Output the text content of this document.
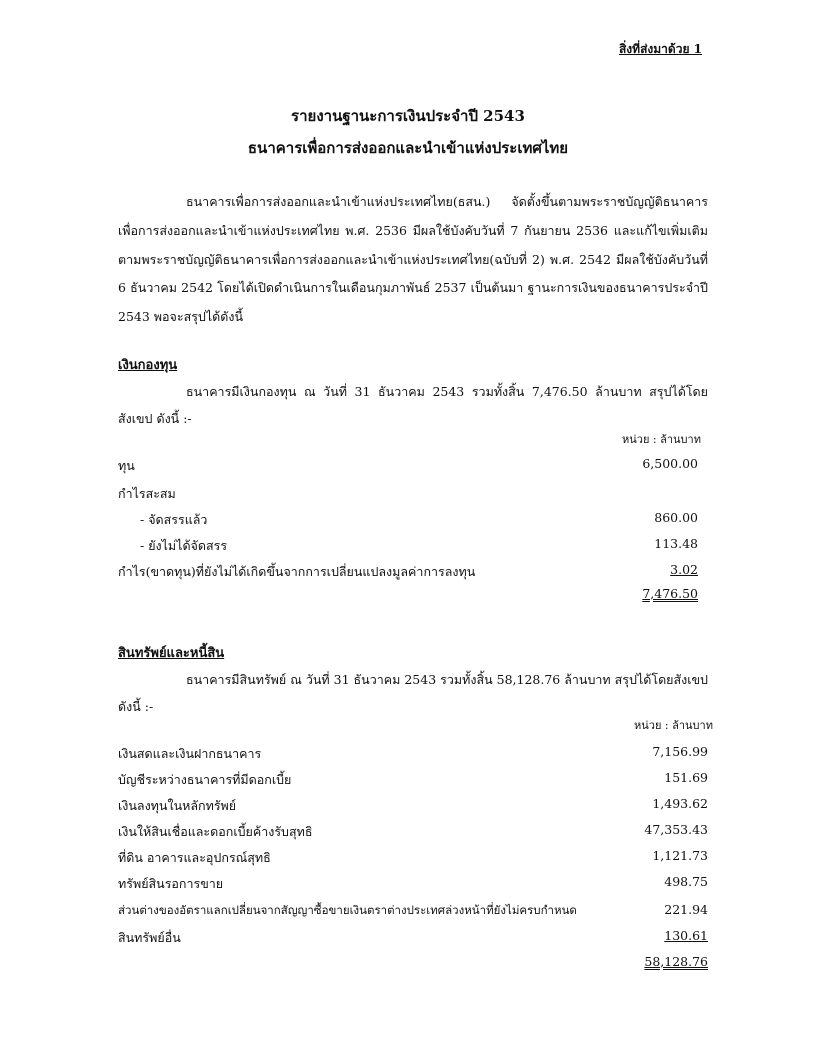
สิ่งที่ส่งมาด้วย 1
รายงานฐานะการเงินประจำปี 2543
ธนาคารเพื่อการส่งออกและนำเข้าแห่งประเทศไทย
ธนาคารเพื่อการส่งออกและนำเข้าแห่งประเทศไทย(ธสน.) จัดตั้งขึ้นตามพระราชบัญญัติธนาคารเพื่อการส่งออกและนำเข้าแห่งประเทศไทย พ.ศ. 2536 มีผลใช้บังคับวันที่ 7 กันยายน 2536 และแก้ไขเพิ่มเติม ตามพระราชบัญญัติธนาคารเพื่อการส่งออกและนำเข้าแห่งประเทศไทย(ฉบับที่ 2) พ.ศ. 2542 มีผลใช้บังคับวันที่ 6 ธันวาคม 2542 โดยได้เปิดดำเนินการในเดือนกุมภาพันธ์ 2537 เป็นต้นมา ฐานะการเงินของธนาคารประจำปี 2543 พอจะสรุปได้ดังนี้
เงินกองทุน
ธนาคารมีเงินกองทุน ณ วันที่ 31 ธันวาคม 2543 รวมทั้งสิ้น 7,476.50 ล้านบาท สรุปได้โดยสังเขป ดังนี้ :-
หน่วย : ล้านบาท
ทุน	6,500.00
กำไรสะสม
- จัดสรรแล้ว	860.00
- ยังไม่ได้จัดสรร	113.48
กำไร(ขาดทุน)ที่ยังไม่ได้เกิดขึ้นจากการเปลี่ยนแปลงมูลค่าการลงทุน	3.02
7,476.50
สินทรัพย์และหนี้สิน
ธนาคารมีสินทรัพย์ ณ วันที่ 31 ธันวาคม 2543 รวมทั้งสิ้น 58,128.76 ล้านบาท สรุปได้โดยสังเขป ดังนี้ :-
หน่วย : ล้านบาท
เงินสดและเงินฝากธนาคาร	7,156.99
บัญชีระหว่างธนาคารที่มีดอกเบี้ย	151.69
เงินลงทุนในหลักทรัพย์	1,493.62
เงินให้สินเชื่อและดอกเบี้ยค้างรับสุทธิ	47,353.43
ที่ดิน อาคารและอุปกรณ์สุทธิ	1,121.73
ทรัพย์สินรอการขาย	498.75
ส่วนต่างของอัตราแลกเปลี่ยนจากสัญญาซื้อขายเงินตราต่างประเทศล่วงหน้าที่ยังไม่ครบกำหนด	221.94
สินทรัพย์อื่น	130.61
58,128.76
